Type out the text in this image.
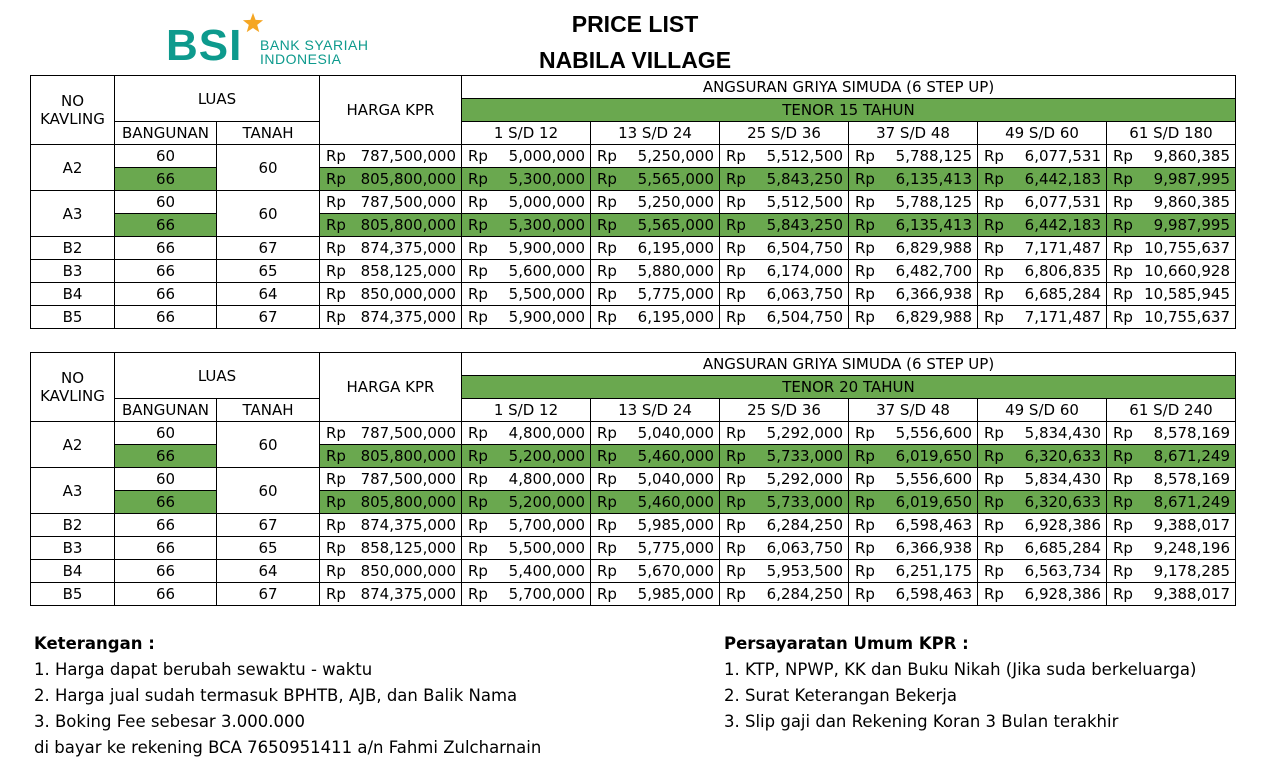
BSI BANK SYARIAH
INDONESIA
PRICE LIST
NABILA VILLAGE
NO
KAVLING	LUAS		HARGA KPR	ANGSURAN GRIYA SIMUDA (6 STEP UP)					
				TENOR 15 TAHUN					
	BANGUNAN	TANAH		1 S/D 12	13 S/D 24	25 S/D 36	37 S/D 48	49 S/D 60	61 S/D 180
A2	60	60	Rp 787,500,000	Rp 5,000,000	Rp 5,250,000	Rp 5,512,500	Rp 5,788,125	Rp 6,077,531	Rp 9,860,385

	66		Rp 805,800,000	Rp 5,300,000	Rp 5,565,000	Rp 5,843,250	Rp 6,135,413	Rp 6,442,183	Rp 9,987,995

A3	60	60	Rp 787,500,000	Rp 5,000,000	Rp 5,250,000	Rp 5,512,500	Rp 5,788,125	Rp 6,077,531	Rp 9,860,385

	66		Rp 805,800,000	Rp 5,300,000	Rp 5,565,000	Rp 5,843,250	Rp 6,135,413	Rp 6,442,183	Rp 9,987,995

B2	66	67	Rp 874,375,000	Rp 5,900,000	Rp 6,195,000	Rp 6,504,750	Rp 6,829,988	Rp 7,171,487	Rp 10,755,637

B3	66	65	Rp 858,125,000	Rp 5,600,000	Rp 5,880,000	Rp 6,174,000	Rp 6,482,700	Rp 6,806,835	Rp 10,660,928

B4	66	64	Rp 850,000,000	Rp 5,500,000	Rp 5,775,000	Rp 6,063,750	Rp 6,366,938	Rp 6,685,284	Rp 10,585,945

B5	66	67	Rp 874,375,000	Rp 5,900,000	Rp 6,195,000	Rp 6,504,750	Rp 6,829,988	Rp 7,171,487	Rp 10,755,637
NO
KAVLING	LUAS		HARGA KPR	ANGSURAN GRIYA SIMUDA (6 STEP UP)					
				TENOR 20 TAHUN					
	BANGUNAN	TANAH		1 S/D 12	13 S/D 24	25 S/D 36	37 S/D 48	49 S/D 60	61 S/D 240
A2	60	60	Rp 787,500,000	Rp 4,800,000	Rp 5,040,000	Rp 5,292,000	Rp 5,556,600	Rp 5,834,430	Rp 8,578,169

	66		Rp 805,800,000	Rp 5,200,000	Rp 5,460,000	Rp 5,733,000	Rp 6,019,650	Rp 6,320,633	Rp 8,671,249

A3	60	60	Rp 787,500,000	Rp 4,800,000	Rp 5,040,000	Rp 5,292,000	Rp 5,556,600	Rp 5,834,430	Rp 8,578,169

	66		Rp 805,800,000	Rp 5,200,000	Rp 5,460,000	Rp 5,733,000	Rp 6,019,650	Rp 6,320,633	Rp 8,671,249

B2	66	67	Rp 874,375,000	Rp 5,700,000	Rp 5,985,000	Rp 6,284,250	Rp 6,598,463	Rp 6,928,386	Rp 9,388,017

B3	66	65	Rp 858,125,000	Rp 5,500,000	Rp 5,775,000	Rp 6,063,750	Rp 6,366,938	Rp 6,685,284	Rp 9,248,196

B4	66	64	Rp 850,000,000	Rp 5,400,000	Rp 5,670,000	Rp 5,953,500	Rp 6,251,175	Rp 6,563,734	Rp 9,178,285

B5	66	67	Rp 874,375,000	Rp 5,700,000	Rp 5,985,000	Rp 6,284,250	Rp 6,598,463	Rp 6,928,386	Rp 9,388,017
Keterangan :
1. Harga dapat berubah sewaktu - waktu
2. Harga jual sudah termasuk BPHTB, AJB, dan Balik Nama
3. Boking Fee sebesar 3.000.000
di bayar ke rekening BCA 7650951411 a/n Fahmi Zulcharnain
Persayaratan Umum KPR :
1. KTP, NPWP, KK dan Buku Nikah (Jika suda berkeluarga)
2. Surat Keterangan Bekerja
3. Slip gaji dan Rekening Koran 3 Bulan terakhir
